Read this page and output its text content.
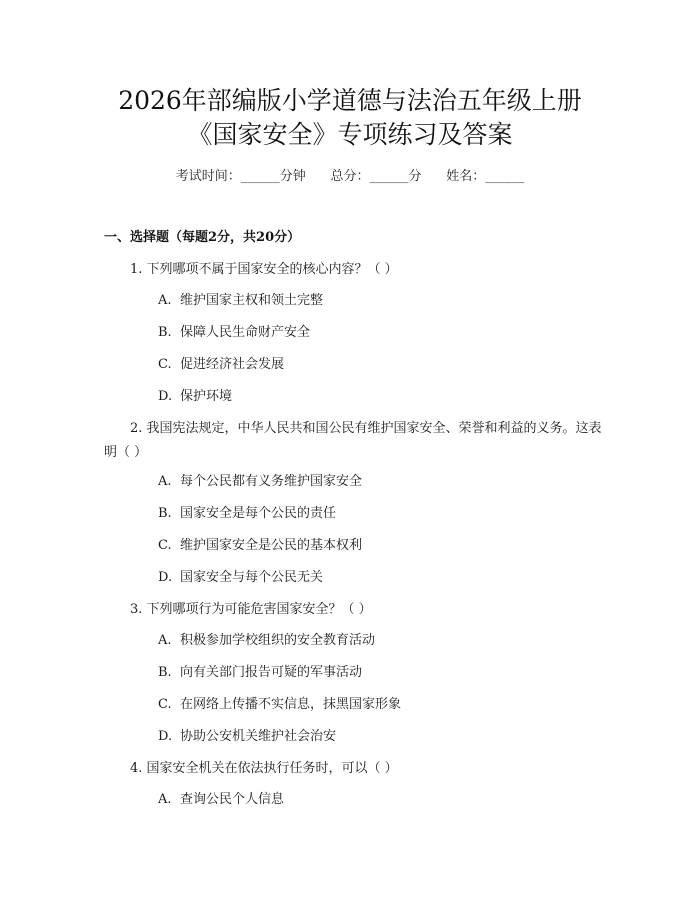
2026年部编版小学道德与法治五年级上册
《国家安全》专项练习及答案
考试时间：______分钟      总分：______分      姓名：______
一、选择题（每题2分，共20分）
1. 下列哪项不属于国家安全的核心内容？（ ）
A. 维护国家主权和领土完整
B. 保障人民生命财产安全
C. 促进经济社会发展
D. 保护环境
2. 我国宪法规定，中华人民共和国公民有维护国家安全、荣誉和利益的义务。这表明（ ）
A. 每个公民都有义务维护国家安全
B. 国家安全是每个公民的责任
C. 维护国家安全是公民的基本权利
D. 国家安全与每个公民无关
3. 下列哪项行为可能危害国家安全？（ ）
A. 积极参加学校组织的安全教育活动
B. 向有关部门报告可疑的军事活动
C. 在网络上传播不实信息，抹黑国家形象
D. 协助公安机关维护社会治安
4. 国家安全机关在依法执行任务时，可以（ ）
A. 查询公民个人信息
